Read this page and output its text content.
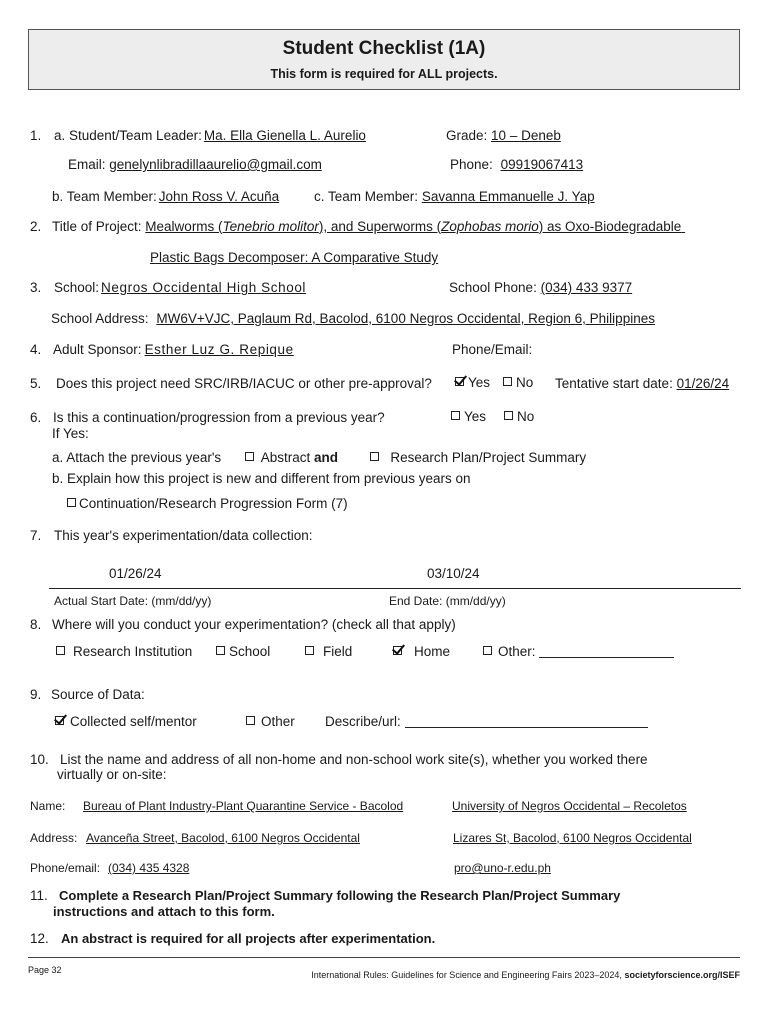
Student Checklist (1A)
This form is required for ALL projects.
1. a. Student/Team Leader: Ma. Ella Gienella L. Aurelio	Grade: 10 – Deneb
Email: genelynlibradillaaurelio@gmail.com	Phone: 09919067413
b. Team Member: John Ross V. Acuña	c. Team Member: Savanna Emmanuelle J. Yap
2. Title of Project: Mealworms (Tenebrio molitor), and Superworms (Zophobas morio) as Oxo-Biodegradable
Plastic Bags Decomposer: A Comparative Study
3. School: Negros Occidental High School	School Phone: (034) 433 9377
School Address: MW6V+VJC, Paglaum Rd, Bacolod, 6100 Negros Occidental, Region 6, Philippines
4. Adult Sponsor: Esther Luz G. Repique	Phone/Email:
5. Does this project need SRC/IRB/IACUC or other pre-approval?	Yes	No Tentative start date: 01/26/24
6. Is this a continuation/progression from a previous year?	Yes	No
If Yes:
a. Attach the previous year's	Abstract and	Research Plan/Project Summary
b. Explain how this project is new and different from previous years on
Continuation/Research Progression Form (7)
7. This year's experimentation/data collection:
01/26/24	03/10/24
Actual Start Date: (mm/dd/yy)	End Date: (mm/dd/yy)
8. Where will you conduct your experimentation? (check all that apply)
Research Institution	School	Field	Home	Other:
9. Source of Data:
Collected self/mentor	Other Describe/url:
10. List the name and address of all non-home and non-school work site(s), whether you worked there
virtually or on-site:
Name: Bureau of Plant Industry-Plant Quarantine Service - Bacolod	University of Negros Occidental – Recoletos
Address: Avanceña Street, Bacolod, 6100 Negros Occidental	Lizares St, Bacolod, 6100 Negros Occidental
Phone/email: (034) 435 4328	pro@uno-r.edu.ph
11. Complete a Research Plan/Project Summary following the Research Plan/Project Summary
instructions and attach to this form.
12. An abstract is required for all projects after experimentation.
Page 32	International Rules: Guidelines for Science and Engineering Fairs 2023–2024, societyforscience.org/ISEF
